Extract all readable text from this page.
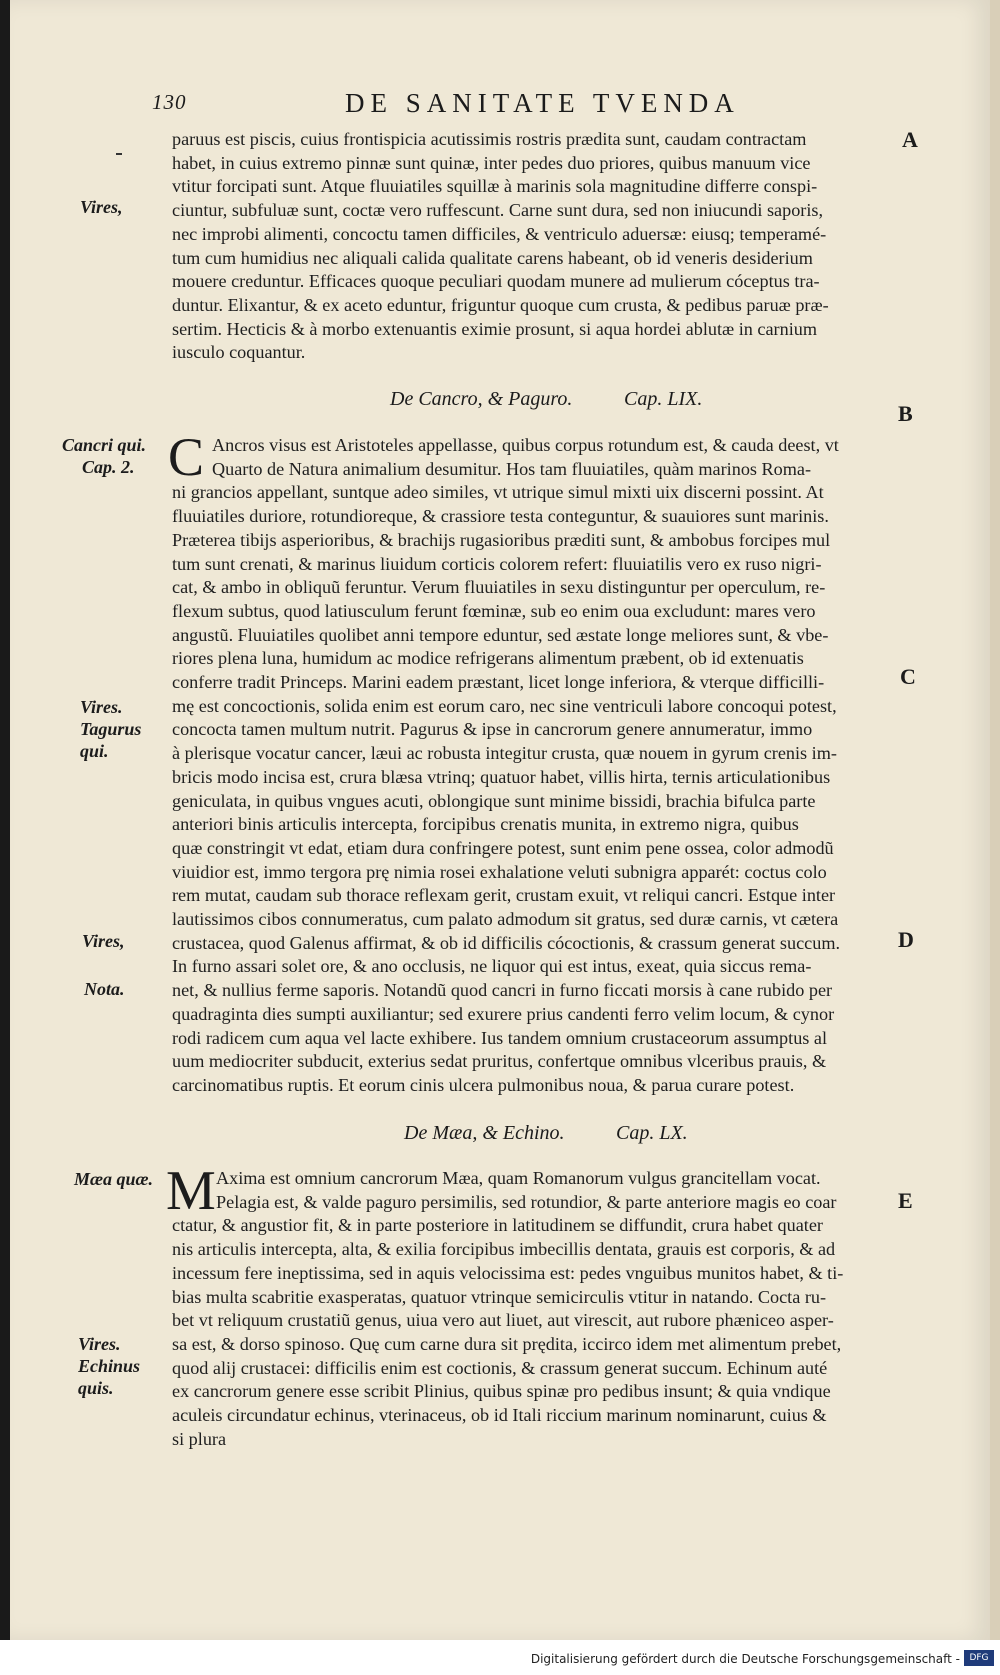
130	DE SANITATE TVENDA
A
B
C
D
E
Vires,
Cancri qui.
Cap. 2.
Vires.
Tagurus
qui.
Vires,
Nota.
Mæa quæ.
Vires.
Echinus
quis.
paruus est piscis, cuius frontispicia acutissimis rostris prædita sunt, caudam contractam
habet, in cuius extremo pinnæ sunt quinæ, inter pedes duo priores, quibus manuum vice
vtitur forcipati sunt. Atque fluuiatiles squillæ à marinis sola magnitudine differre conspi-
ciuntur, subfuluæ sunt, coctæ vero ruffescunt. Carne sunt dura, sed non iniucundi saporis,
nec improbi alimenti, concoctu tamen difficiles, & ventriculo aduersæ: eiusq; temperamé-
tum cum humidius nec aliquali calida qualitate carens habeant, ob id veneris desiderium
mouere creduntur. Efficaces quoque peculiari quodam munere ad mulierum cóceptus tra-
duntur. Elixantur, & ex aceto eduntur, friguntur quoque cum crusta, & pedibus paruæ præ-
sertim. Hecticis & à morbo extenuantis eximie prosunt, si aqua hordei ablutæ in carnium
iusculo coquantur.
De Cancro, & Paguro.	Cap. LIX.
C Ancros visus est Aristoteles appellasse, quibus corpus rotundum est, & cauda deest, vt
Quarto de Natura animalium desumitur. Hos tam fluuiatiles, quàm marinos Roma-
ni grancios appellant, suntque adeo similes, vt utrique simul mixti uix discerni possint. At
fluuiatiles duriore, rotundioreque, & crassiore testa conteguntur, & suauiores sunt marinis.
Præterea tibijs asperioribus, & brachijs rugasioribus præditi sunt, & ambobus forcipes mul
tum sunt crenati, & marinus liuidum corticis colorem refert: fluuiatilis vero ex ruso nigri-
cat, & ambo in obliquũ feruntur. Verum fluuiatiles in sexu distinguntur per operculum, re-
flexum subtus, quod latiusculum ferunt fœminæ, sub eo enim oua excludunt: mares vero
angustũ. Fluuiatiles quolibet anni tempore eduntur, sed æstate longe meliores sunt, & vbe-
riores plena luna, humidum ac modice refrigerans alimentum præbent, ob id extenuatis
conferre tradit Princeps. Marini eadem præstant, licet longe inferiora, & vterque difficilli-
mę est concoctionis, solida enim est eorum caro, nec sine ventriculi labore concoqui potest,
concocta tamen multum nutrit. Pagurus & ipse in cancrorum genere annumeratur, immo
à plerisque vocatur cancer, læui ac robusta integitur crusta, quæ nouem in gyrum crenis im-
bricis modo incisa est, crura blæsa vtrinq; quatuor habet, villis hirta, ternis articulationibus
geniculata, in quibus vngues acuti, oblongique sunt minime bissidi, brachia bifulca parte
anteriori binis articulis intercepta, forcipibus crenatis munita, in extremo nigra, quibus
quæ constringit vt edat, etiam dura confringere potest, sunt enim pene ossea, color admodũ
viuidior est, immo tergora prę nimia rosei exhalatione veluti subnigra apparét: coctus colo
rem mutat, caudam sub thorace reflexam gerit, crustam exuit, vt reliqui cancri. Estque inter
lautissimos cibos connumeratus, cum palato admodum sit gratus, sed duræ carnis, vt cætera
crustacea, quod Galenus affirmat, & ob id difficilis cócoctionis, & crassum generat succum.
In furno assari solet ore, & ano occlusis, ne liquor qui est intus, exeat, quia siccus rema-
net, & nullius ferme saporis. Notandũ quod cancri in furno ficcati morsis à cane rubido per
quadraginta dies sumpti auxiliantur; sed exurere prius candenti ferro velim locum, & cynor
rodi radicem cum aqua vel lacte exhibere. Ius tandem omnium crustaceorum assumptus al
uum mediocriter subducit, exterius sedat pruritus, confertque omnibus vlceribus prauis, &
carcinomatibus ruptis. Et eorum cinis ulcera pulmonibus noua, & parua curare potest.
De Mæa, & Echino.	Cap. LX.
M Axima est omnium cancrorum Mæa, quam Romanorum vulgus grancitellam vocat.
Pelagia est, & valde paguro persimilis, sed rotundior, & parte anteriore magis eo coar
ctatur, & angustior fit, & in parte posteriore in latitudinem se diffundit, crura habet quater
nis articulis intercepta, alta, & exilia forcipibus imbecillis dentata, grauis est corporis, & ad
incessum fere ineptissima, sed in aquis velocissima est: pedes vnguibus munitos habet, & ti-
bias multa scabritie exasperatas, quatuor vtrinque semicirculis vtitur in natando. Cocta ru-
bet vt reliquum crustatiũ genus, uiua vero aut liuet, aut virescit, aut rubore phæniceo asper-
sa est, & dorso spinoso. Quę cum carne dura sit prędita, iccirco idem met alimentum prebet,
quod alij crustacei: difficilis enim est coctionis, & crassum generat succum. Echinum auté
ex cancrorum genere esse scribit Plinius, quibus spinæ pro pedibus insunt; & quia vndique
aculeis circundatur echinus, vterinaceus, ob id Itali riccium marinum nominarunt, cuius &
si plura
Digitalisierung gefördert durch die Deutsche Forschungsgemeinschaft -	DFG
